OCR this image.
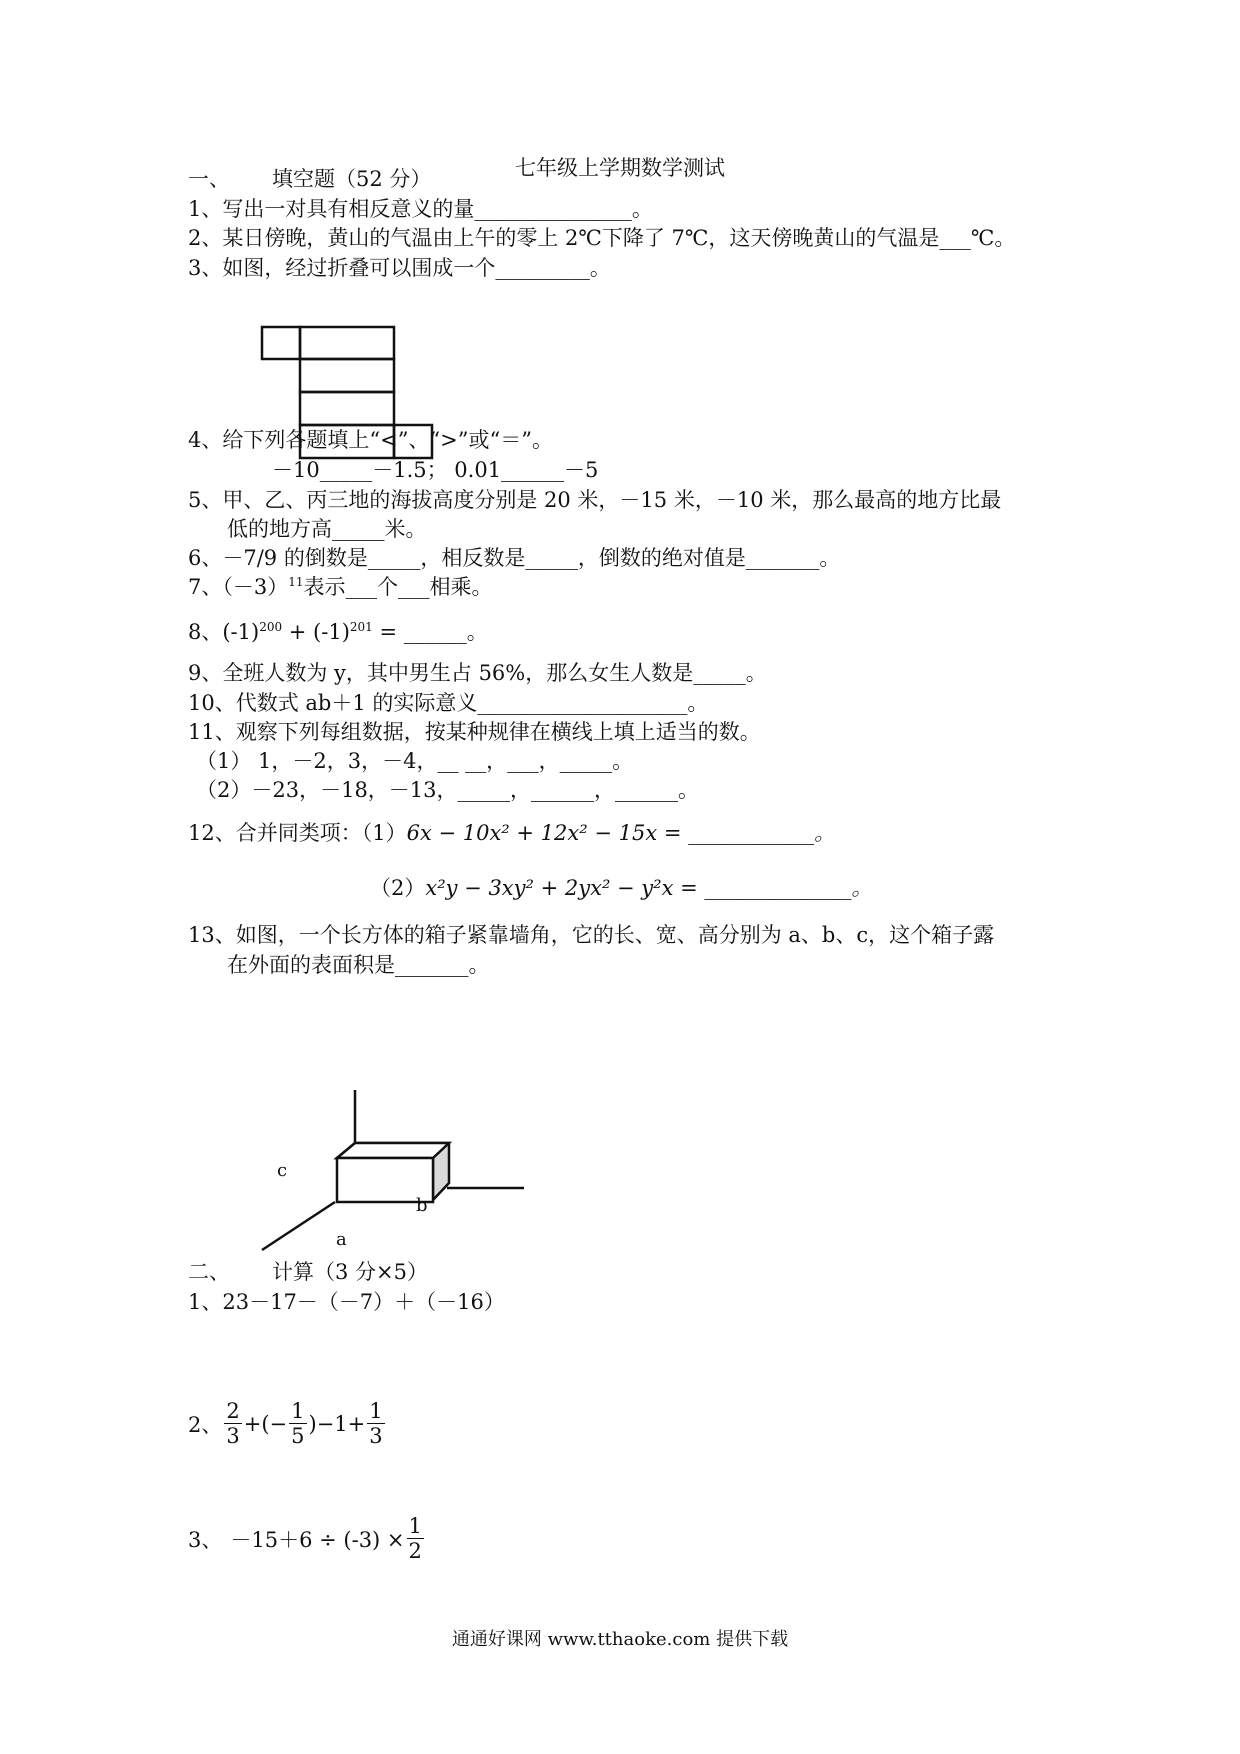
七年级上学期数学测试
一、 填空题（52 分）
1、写出一对具有相反意义的量_______________。
2、某日傍晚，黄山的气温由上午的零上 2℃下降了 7℃，这天傍晚黄山的气温是___℃。
3、如图，经过折叠可以围成一个_________。
4、给下列各题填上“<”、“>”或“＝”。
－10_____－1.5； 0.01______－5
5、甲、乙、丙三地的海拔高度分别是 20 米，－15 米，－10 米，那么最高的地方比最
低的地方高_____米。
6、－7/9 的倒数是_____，相反数是_____，倒数的绝对值是_______。
7、$(-3)^{11}$表示___个___相乘。
8、$(-1)^{200} + (-1)^{201}$ = ______。
9、全班人数为 y，其中男生占 56%，那么女生人数是_____。
10、代数式 ab＋1 的实际意义____________________。
11、观察下列每组数据，按某种规律在横线上填上适当的数。
（1） 1，－2，3，－4，__ __，___，_____。
（2）－23，－18，－13，_____，______，______。
12、合并同类项：（1）6x − 10x² + 12x² − 15x = ____________。
（2）x²y − 3xy² + 2yx² − y²x = ______________。
13、如图，一个长方体的箱子紧靠墙角，它的长、宽、高分别为 a、b、c，这个箱子露
在外面的表面积是_______。
c
b
a
二、 计算（3 分×5）
1、23－17－（－7）＋（－16）
2、 $\frac{2}{3}$ +(− $\frac{1}{5} )-1+ \frac{1}{3}$
3、 $-15+6 \div (-3) \times \frac{1}{2}$
通通好课网 www.tthaoke.com 提供下载
